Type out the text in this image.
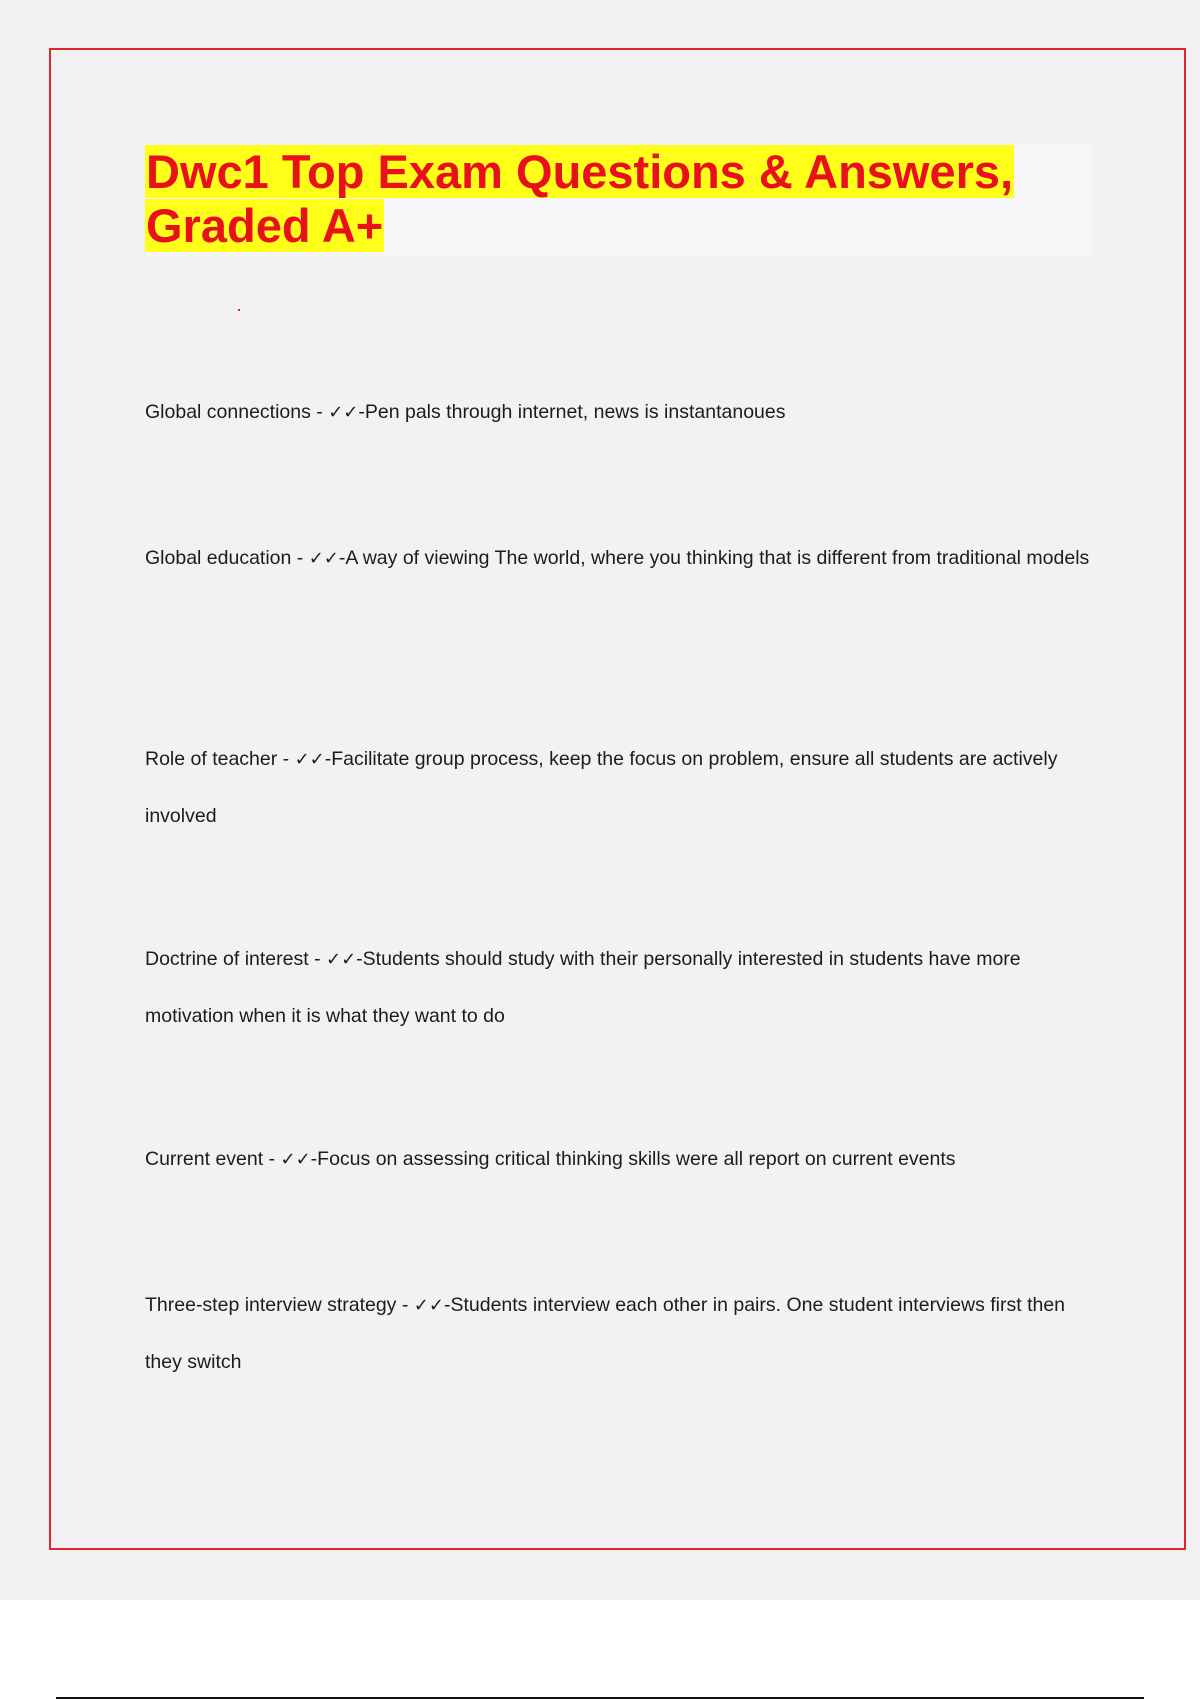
Dwc1 Top Exam Questions & Answers,
Graded A+

Global connections - ✓✓-Pen pals through internet, news is instantanoues

Global education - ✓✓-A way of viewing The world, where you thinking that is different from traditional models

Role of teacher - ✓✓-Facilitate group process, keep the focus on problem, ensure all students are actively involved

Doctrine of interest - ✓✓-Students should study with their personally interested in students have more motivation when it is what they want to do

Current event - ✓✓-Focus on assessing critical thinking skills were all report on current events

Three-step interview strategy - ✓✓-Students interview each other in pairs. One student interviews first then they switch
